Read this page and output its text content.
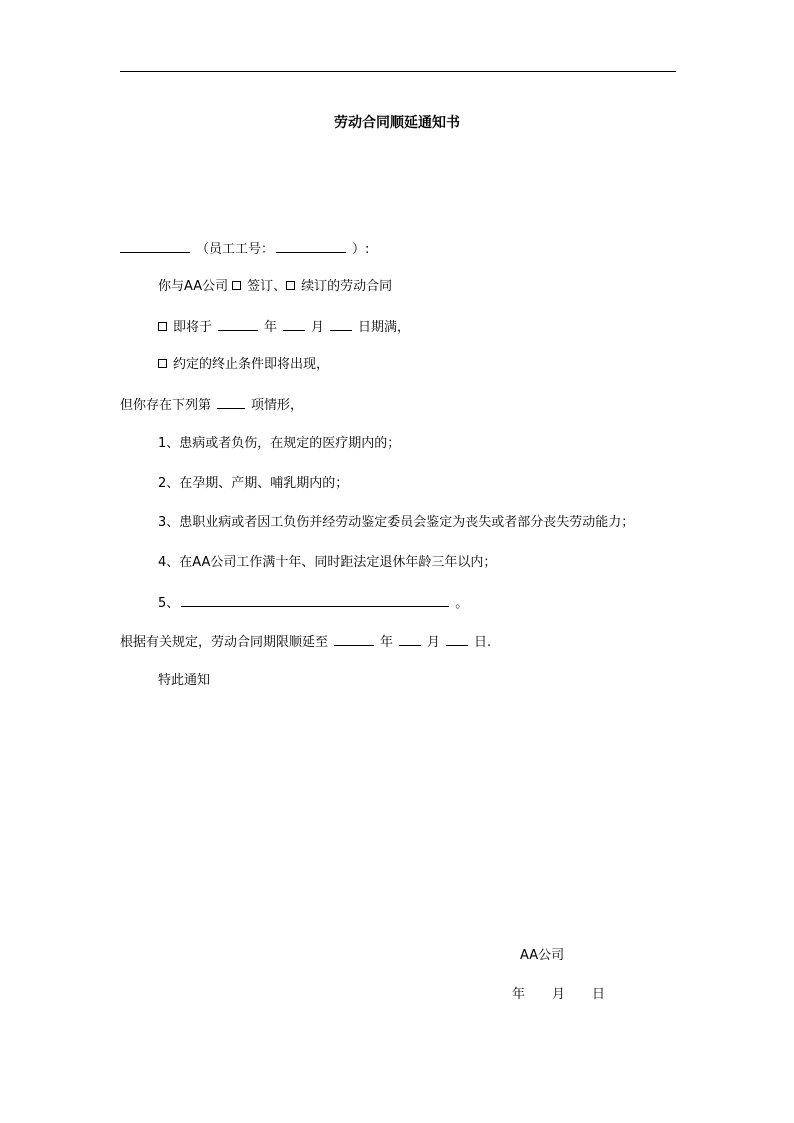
劳动合同顺延通知书
（员工工号：	）:
你与AA公司 签订、 续订的劳动合同
即将于	年	月	日期满，
约定的终止条件即将出现，
但你存在下列第	项情形，
1、患病或者负伤，在规定的医疗期内的；
2、在孕期、产期、哺乳期内的；
3、患职业病或者因工负伤并经劳动鉴定委员会鉴定为丧失或者部分丧失劳动能力；
4、在AA公司工作满十年、同时距法定退休年龄三年以内；
5、	。
根据有关规定，劳动合同期限顺延至	年	月	日.
特此通知
AA公司
年 月 日
